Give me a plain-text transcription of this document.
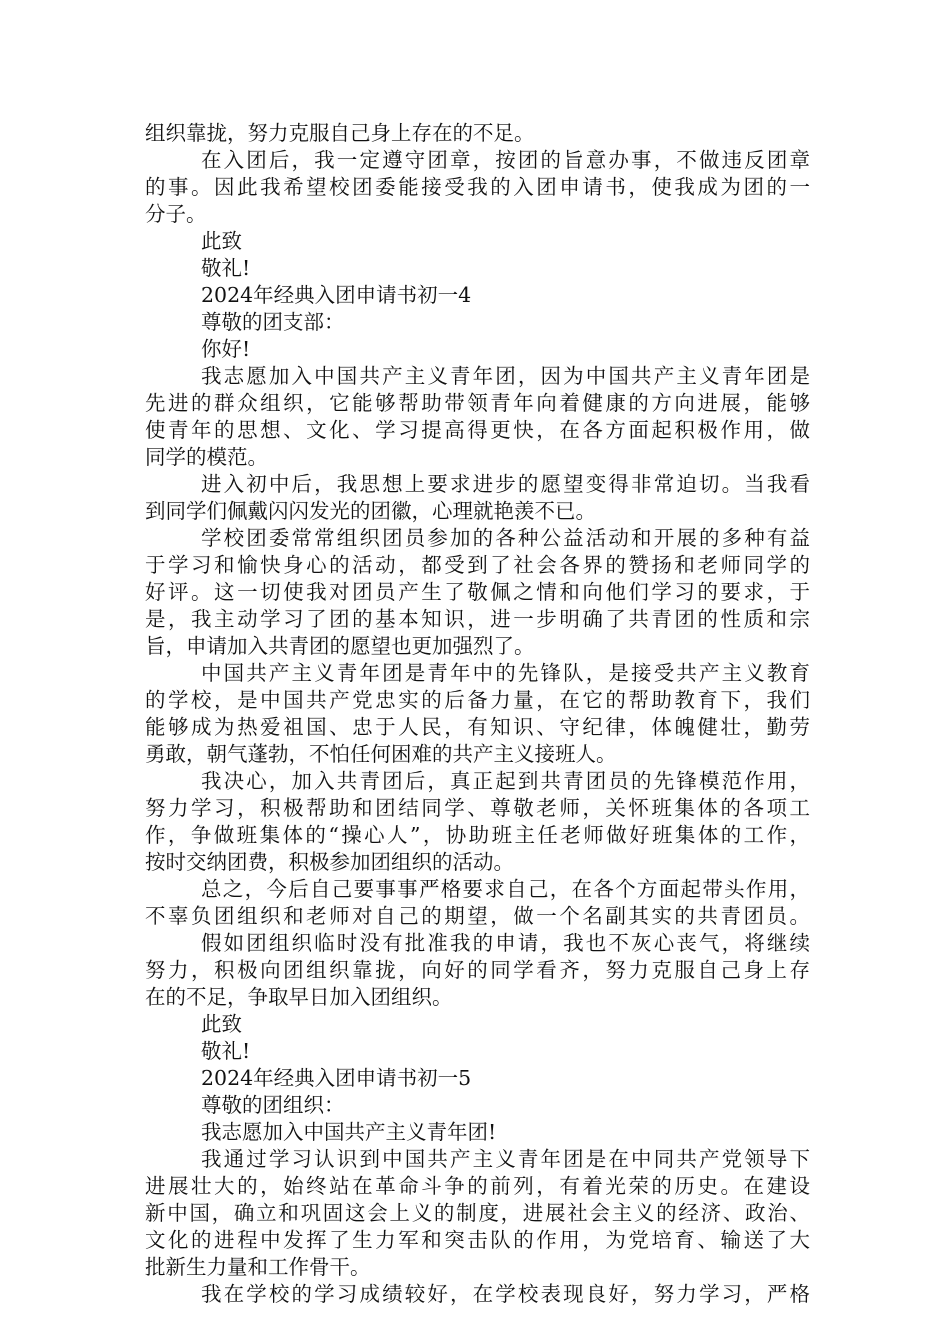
组织靠拢，努力克服自己身上存在的不足。
在入团后，我一定遵守团章，按团的旨意办事，不做违反团章
的事。因此我希望校团委能接受我的入团申请书，使我成为团的一
分子。
此致
敬礼!
2024年经典入团申请书初一4
尊敬的团支部：
你好!
我志愿加入中国共产主义青年团，因为中国共产主义青年团是
先进的群众组织，它能够帮助带领青年向着健康的方向进展，能够
使青年的思想、文化、学习提高得更快，在各方面起积极作用，做
同学的模范。
进入初中后，我思想上要求进步的愿望变得非常迫切。当我看
到同学们佩戴闪闪发光的团徽，心理就艳羡不已。
学校团委常常组织团员参加的各种公益活动和开展的多种有益
于学习和愉快身心的活动，都受到了社会各界的赞扬和老师同学的
好评。这一切使我对团员产生了敬佩之情和向他们学习的要求，于
是，我主动学习了团的基本知识，进一步明确了共青团的性质和宗
旨，申请加入共青团的愿望也更加强烈了。
中国共产主义青年团是青年中的先锋队，是接受共产主义教育
的学校，是中国共产党忠实的后备力量，在它的帮助教育下，我们
能够成为热爱祖国、忠于人民，有知识、守纪律，体魄健壮，勤劳
勇敢，朝气蓬勃，不怕任何困难的共产主义接班人。
我决心，加入共青团后，真正起到共青团员的先锋模范作用，
努力学习，积极帮助和团结同学、尊敬老师，关怀班集体的各项工
作，争做班集体的“操心人”，协助班主任老师做好班集体的工作，
按时交纳团费，积极参加团组织的活动。
总之，今后自己要事事严格要求自己，在各个方面起带头作用，
不辜负团组织和老师对自己的期望，做一个名副其实的共青团员。
假如团组织临时没有批准我的申请，我也不灰心丧气，将继续
努力，积极向团组织靠拢，向好的同学看齐，努力克服自己身上存
在的不足，争取早日加入团组织。
此致
敬礼!
2024年经典入团申请书初一5
尊敬的团组织：
我志愿加入中国共产主义青年团!
我通过学习认识到中国共产主义青年团是在中同共产党领导下
进展壮大的，始终站在革命斗争的前列，有着光荣的历史。在建设
新中国，确立和巩固这会上义的制度，进展社会主义的经济、政治、
文化的进程中发挥了生力军和突击队的作用，为党培育、输送了大
批新生力量和工作骨干。
我在学校的学习成绩较好，在学校表现良好，努力学习，严格
